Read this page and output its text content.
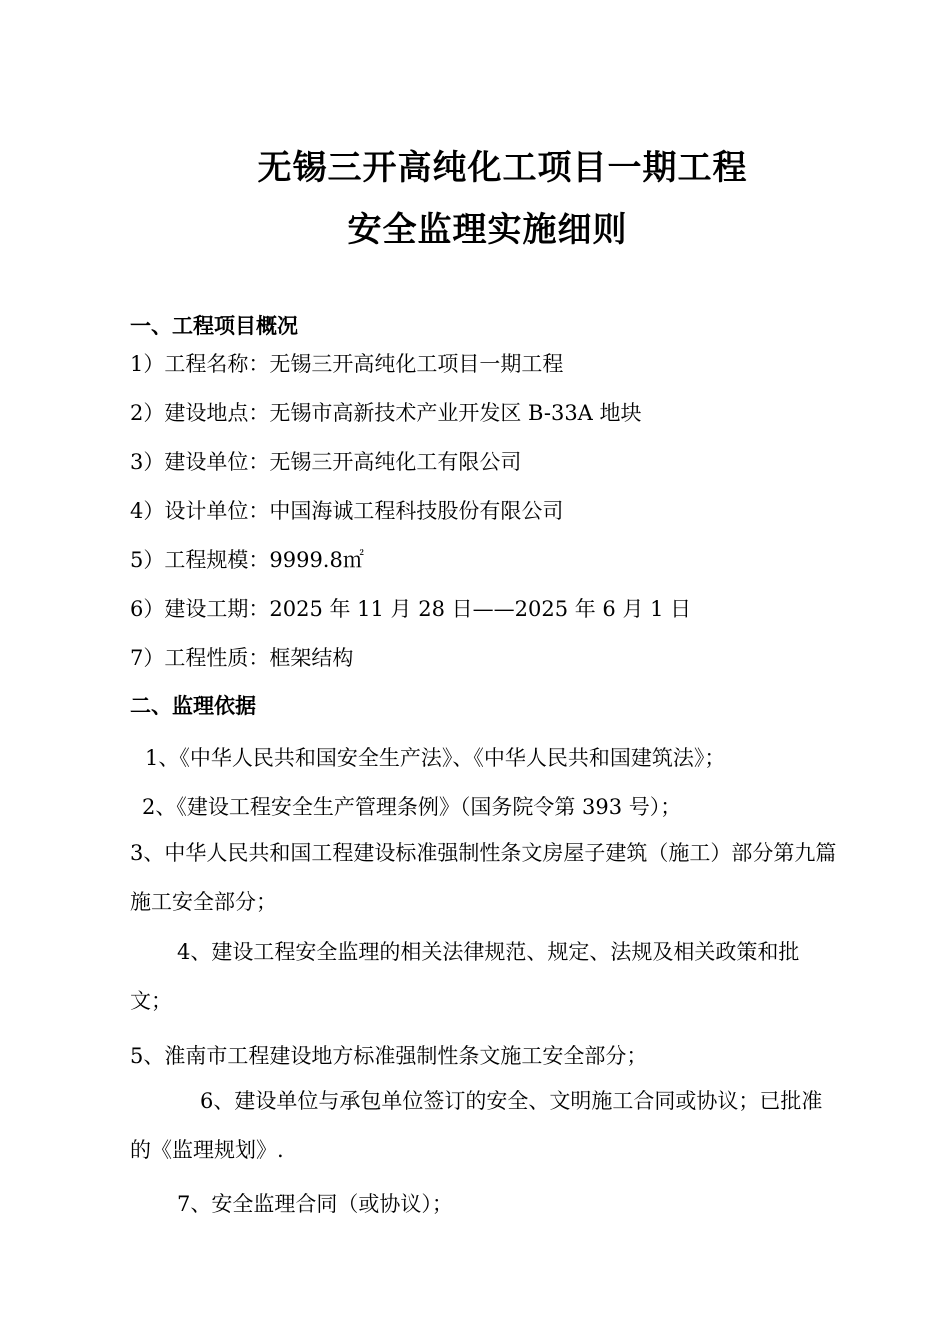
无锡三开高纯化工项目一期工程
安全监理实施细则
一、工程项目概况
1）工程名称：无锡三开高纯化工项目一期工程
2）建设地点：无锡市高新技术产业开发区 B-33A 地块
3）建设单位：无锡三开高纯化工有限公司
4）设计单位：中国海诚工程科技股份有限公司
5）工程规模：9999.8㎡
6）建设工期：2025 年 11 月 28 日——2025 年 6 月 1 日
7）工程性质：框架结构
二、监理依据
1、《中华人民共和国安全生产法》、《中华人民共和国建筑法》；
2、《建设工程安全生产管理条例》（国务院令第 393 号）；
3、中华人民共和国工程建设标准强制性条文房屋子建筑（施工）部分第九篇施工安全部分；
4、建设工程安全监理的相关法律规范、规定、法规及相关政策和批文；
5、淮南市工程建设地方标准强制性条文施工安全部分；
6、建设单位与承包单位签订的安全、文明施工合同或协议；已批准的《监理规划》.
7、安全监理合同（或协议）；
